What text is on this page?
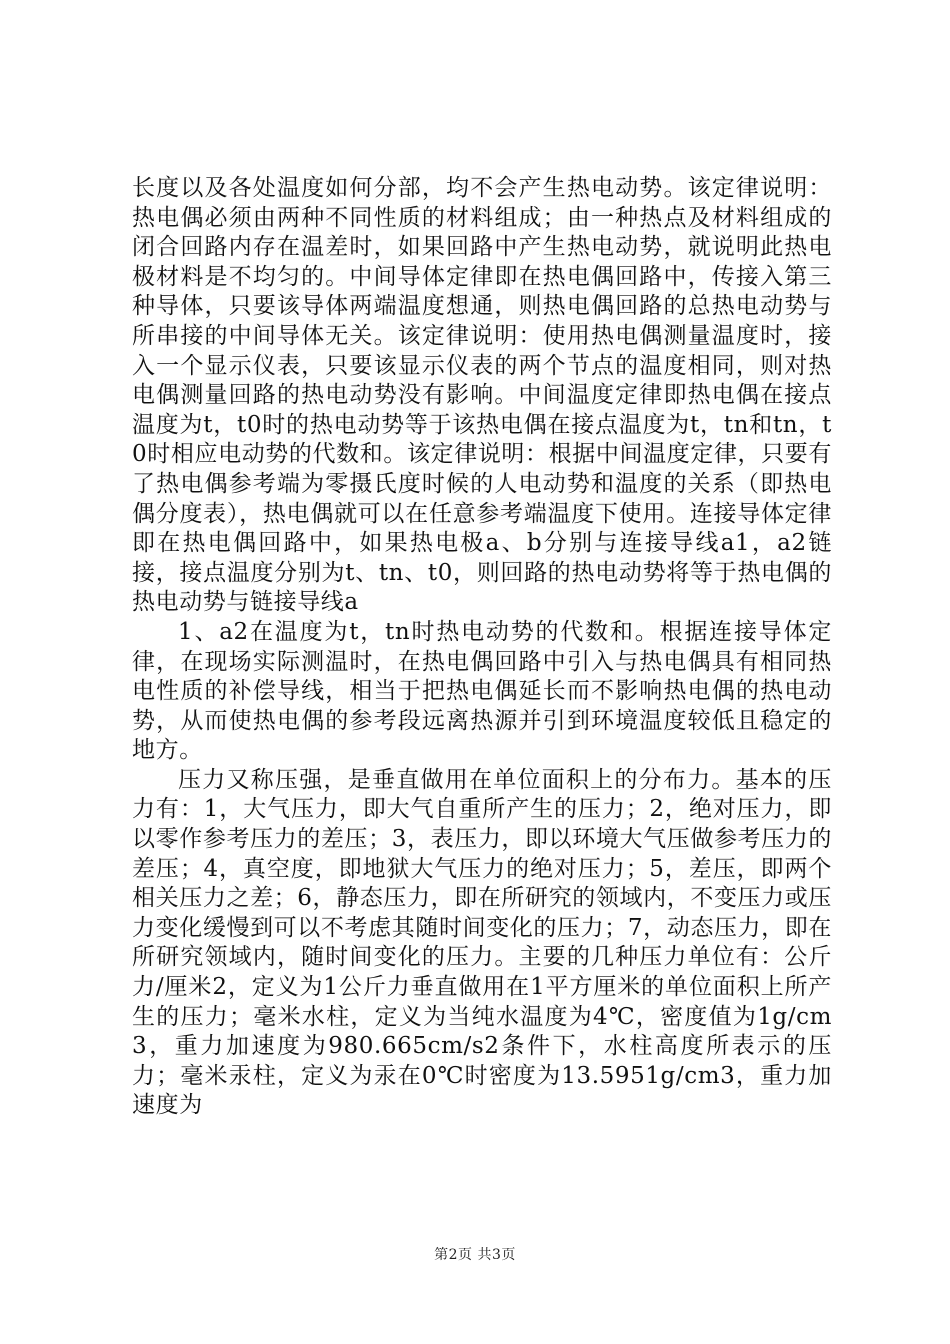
长度以及各处温度如何分部，均不会产生热电动势。该定律说明：热电偶必须由两种不同性质的材料组成；由一种热点及材料组成的闭合回路内存在温差时，如果回路中产生热电动势，就说明此热电极材料是不均匀的。中间导体定律即在热电偶回路中，传接入第三种导体，只要该导体两端温度想通，则热电偶回路的总热电动势与所串接的中间导体无关。该定律说明：使用热电偶测量温度时，接入一个显示仪表，只要该显示仪表的两个节点的温度相同，则对热电偶测量回路的热电动势没有影响。中间温度定律即热电偶在接点温度为t，t0时的热电动势等于该热电偶在接点温度为t，tn和tn，t0时相应电动势的代数和。该定律说明：根据中间温度定律，只要有了热电偶参考端为零摄氏度时候的人电动势和温度的关系（即热电偶分度表），热电偶就可以在任意参考端温度下使用。连接导体定律即在热电偶回路中，如果热电极a、b分别与连接导线a1，a2链接，接点温度分别为t、tn、t0，则回路的热电动势将等于热电偶的热电动势与链接导线a

1、a2在温度为t，tn时热电动势的代数和。根据连接导体定律，在现场实际测温时，在热电偶回路中引入与热电偶具有相同热电性质的补偿导线，相当于把热电偶延长而不影响热电偶的热电动势，从而使热电偶的参考段远离热源并引到环境温度较低且稳定的地方。

压力又称压强，是垂直做用在单位面积上的分布力。基本的压力有：1，大气压力，即大气自重所产生的压力；2，绝对压力，即以零作参考压力的差压；3，表压力，即以环境大气压做参考压力的差压；4，真空度，即地狱大气压力的绝对压力；5，差压，即两个相关压力之差；6，静态压力，即在所研究的领域内，不变压力或压力变化缓慢到可以不考虑其随时间变化的压力；7，动态压力，即在所研究领域内，随时间变化的压力。主要的几种压力单位有：公斤力/厘米2，定义为1公斤力垂直做用在1平方厘米的单位面积上所产生的压力；毫米水柱，定义为当纯水温度为4℃，密度值为1g/cm3，重力加速度为980.665cm/s2条件下，水柱高度所表示的压力；毫米汞柱，定义为汞在0℃时密度为13.5951g/cm3，重力加速度为

第2页 共3页
